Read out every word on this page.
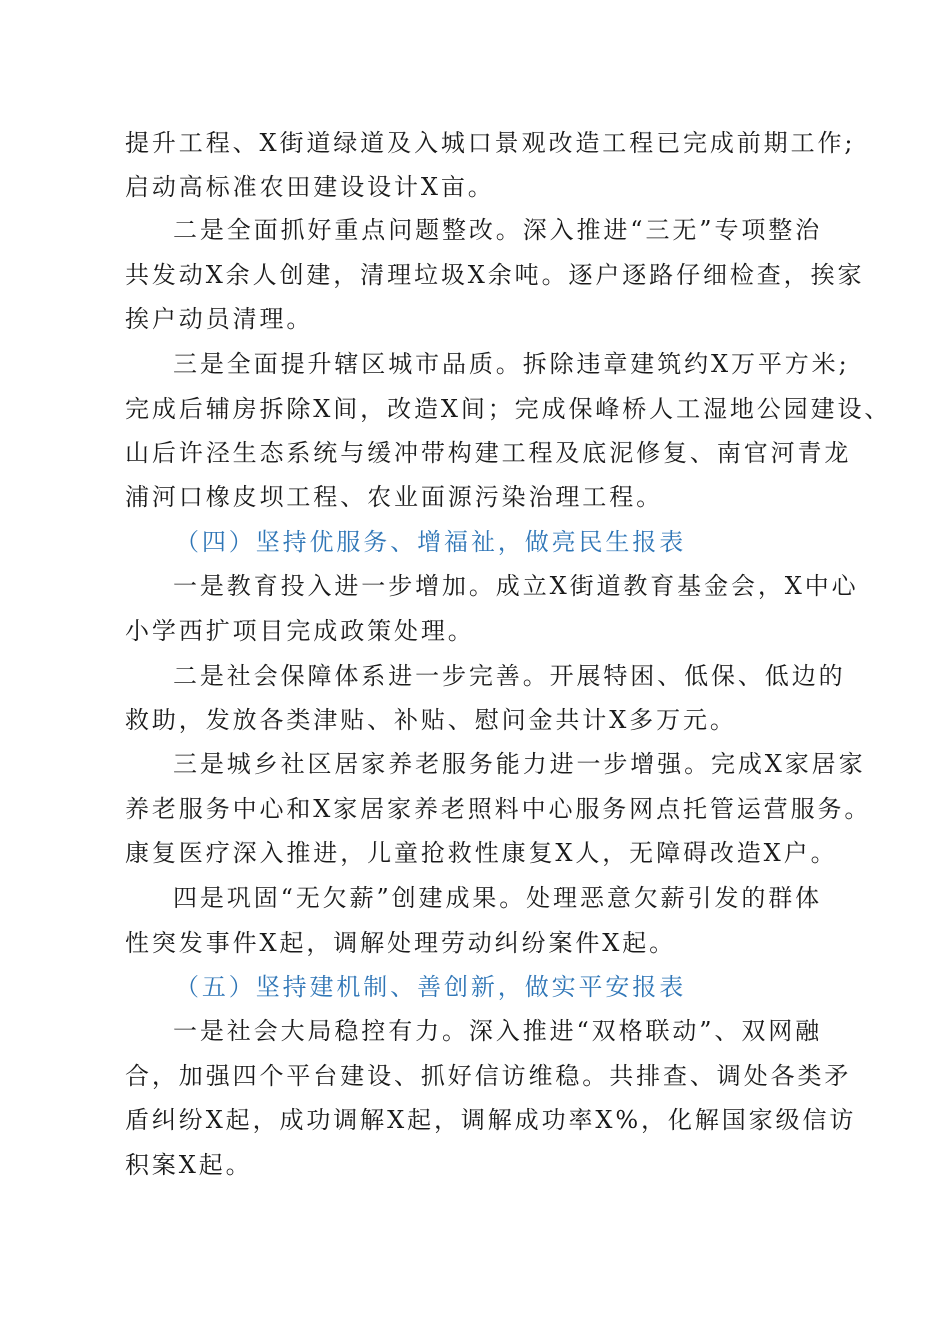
提升工程、X街道绿道及入城口景观改造工程已完成前期工作;
启动高标准农田建设设计X亩。
二是全面抓好重点问题整改。深入推进“三无”专项整治
共发动X余人创建，清理垃圾X余吨。逐户逐路仔细检查，挨家
挨户动员清理。
三是全面提升辖区城市品质。拆除违章建筑约X万平方米;
完成后辅房拆除X间，改造X间；完成保峰桥人工湿地公园建设、
山后许泾生态系统与缓冲带构建工程及底泥修复、南官河青龙
浦河口橡皮坝工程、农业面源污染治理工程。
（四）坚持优服务、增福祉，做亮民生报表
一是教育投入进一步增加。成立X街道教育基金会，X中心
小学西扩项目完成政策处理。
二是社会保障体系进一步完善。开展特困、低保、低边的
救助，发放各类津贴、补贴、慰问金共计X多万元。
三是城乡社区居家养老服务能力进一步增强。完成X家居家
养老服务中心和X家居家养老照料中心服务网点托管运营服务。
康复医疗深入推进，儿童抢救性康复X人，无障碍改造X户。
四是巩固“无欠薪”创建成果。处理恶意欠薪引发的群体
性突发事件X起，调解处理劳动纠纷案件X起。
（五）坚持建机制、善创新，做实平安报表
一是社会大局稳控有力。深入推进“双格联动”、双网融
合，加强四个平台建设、抓好信访维稳。共排查、调处各类矛
盾纠纷X起，成功调解X起，调解成功率X%，化解国家级信访
积案X起。
